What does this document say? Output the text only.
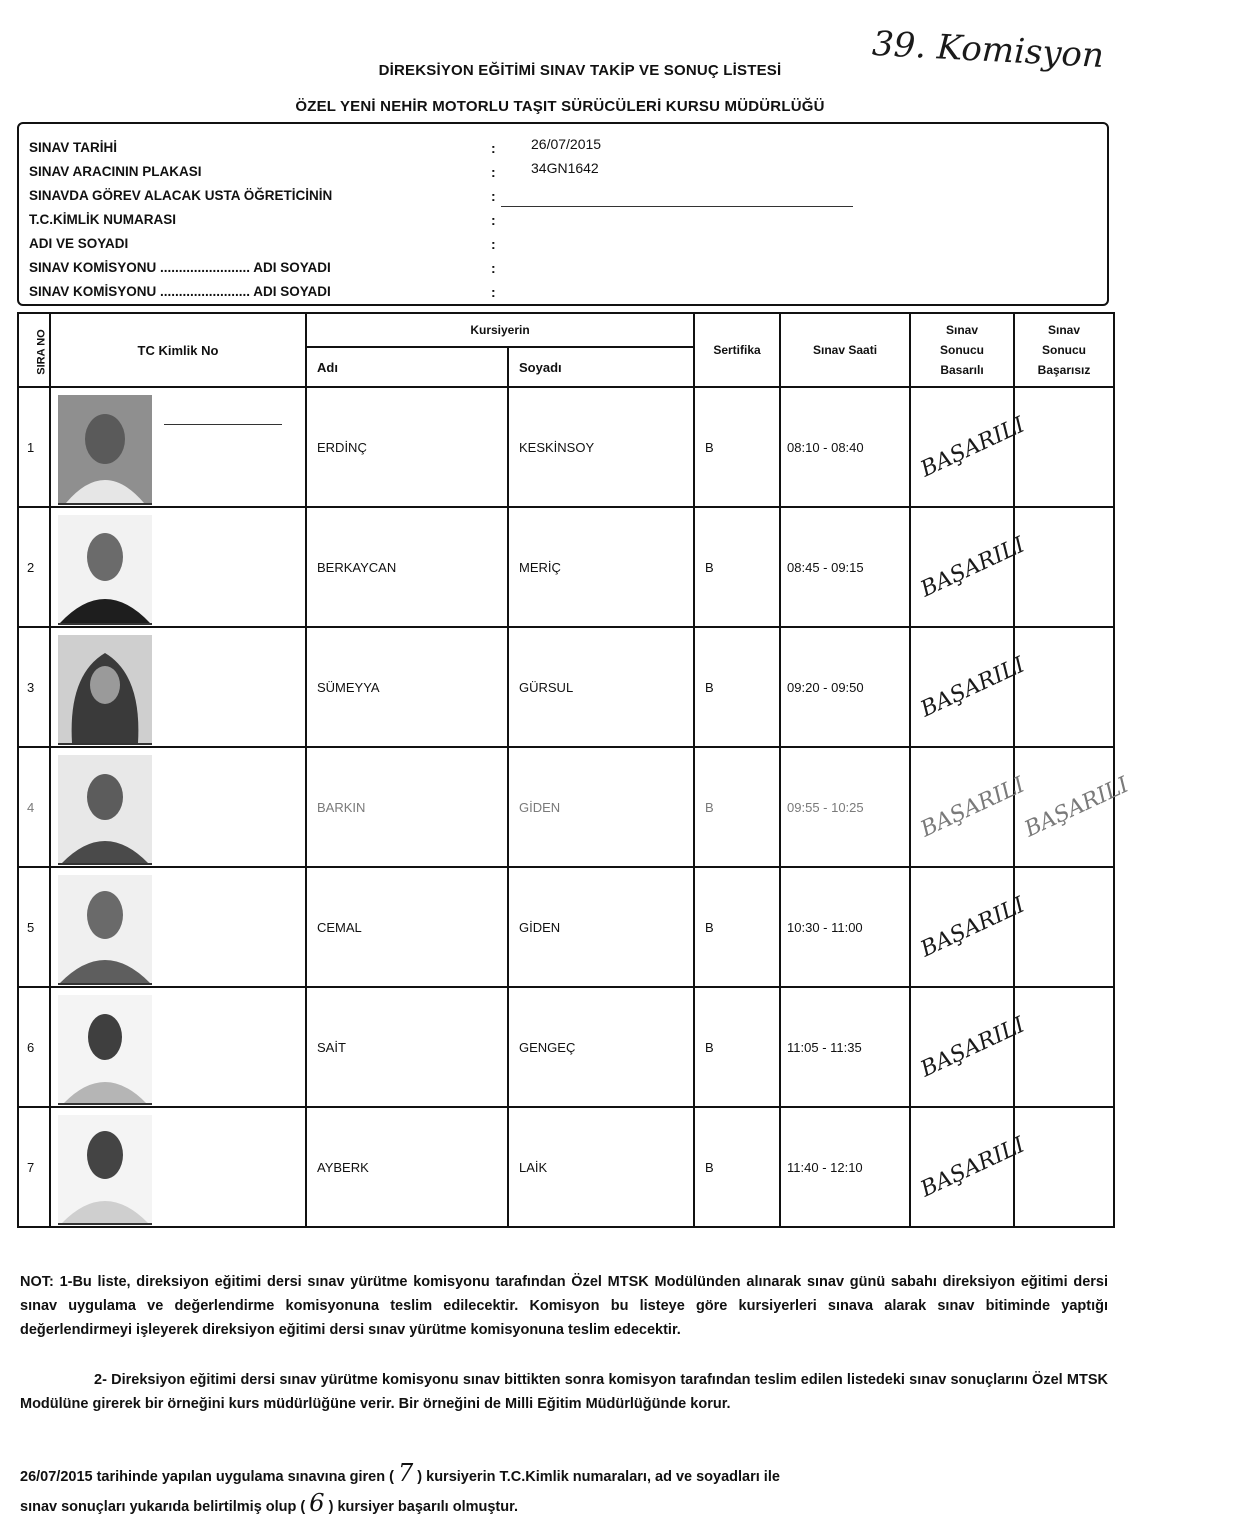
DİREKSİYON EĞİTİMİ SINAV TAKİP VE SONUÇ LİSTESİ
ÖZEL YENİ NEHİR MOTORLU TAŞIT SÜRÜCÜLERİ KURSU MÜDÜRLÜĞÜ
39. Komisyon
SINAV TARİHİ	:	26/07/2015
SINAV ARACININ PLAKASI	:	34GN1642
SINAVDA GÖREV ALACAK USTA ÖĞRETİCİNİN	:
T.C.KİMLİK NUMARASI	:
ADI VE SOYADI	:
SINAV KOMİSYONU ........................ ADI SOYADI	:
SINAV KOMİSYONU ........................ ADI SOYADI	:
SIRA NO	TC Kimlik No	Kursiyerin		Sertifika	Sınav Saati	Sınav Sonucu Basarılı	Sınav Sonucu Başarısız
		Adı	Soyadı				
1		ERDİNÇ	KESKİNSOY	B	08:10 - 08:40	BAŞARILI	
2		BERKAYCAN	MERİÇ	B	08:45 - 09:15	BAŞARILI	
3		SÜMEYYA	GÜRSUL	B	09:20 - 09:50	BAŞARILI	
4		BARKIN	GİDEN	B	09:55 - 10:25	BAŞARILI	BAŞARILI
5		CEMAL	GİDEN	B	10:30 - 11:00	BAŞARILI	
6		SAİT	GENGEÇ	B	11:05 - 11:35	BAŞARILI	
7		AYBERK	LAİK	B	11:40 - 12:10	BAŞARILI	
NOT: 1-Bu liste, direksiyon eğitimi dersi sınav yürütme komisyonu tarafından Özel MTSK Modülünden alınarak sınav günü sabahı direksiyon eğitimi dersi sınav uygulama ve değerlendirme komisyonuna teslim edilecektir. Komisyon bu listeye göre kursiyerleri sınava alarak sınav bitiminde yaptığı değerlendirmeyi işleyerek direksiyon eğitimi dersi sınav yürütme komisyonuna teslim edecektir.
2- Direksiyon eğitimi dersi sınav yürütme komisyonu sınav bittikten sonra komisyon tarafından teslim edilen listedeki sınav sonuçlarını Özel MTSK Modülüne girerek bir örneğini kurs müdürlüğüne verir. Bir örneğini de Milli Eğitim Müdürlüğünde korur.
26/07/2015 tarihinde yapılan uygulama sınavına giren ( 7 ) kursiyerin T.C.Kimlik numaraları, ad ve soyadları ile
sınav sonuçları yukarıda belirtilmiş olup ( 6 ) kursiyer başarılı olmuştur.
